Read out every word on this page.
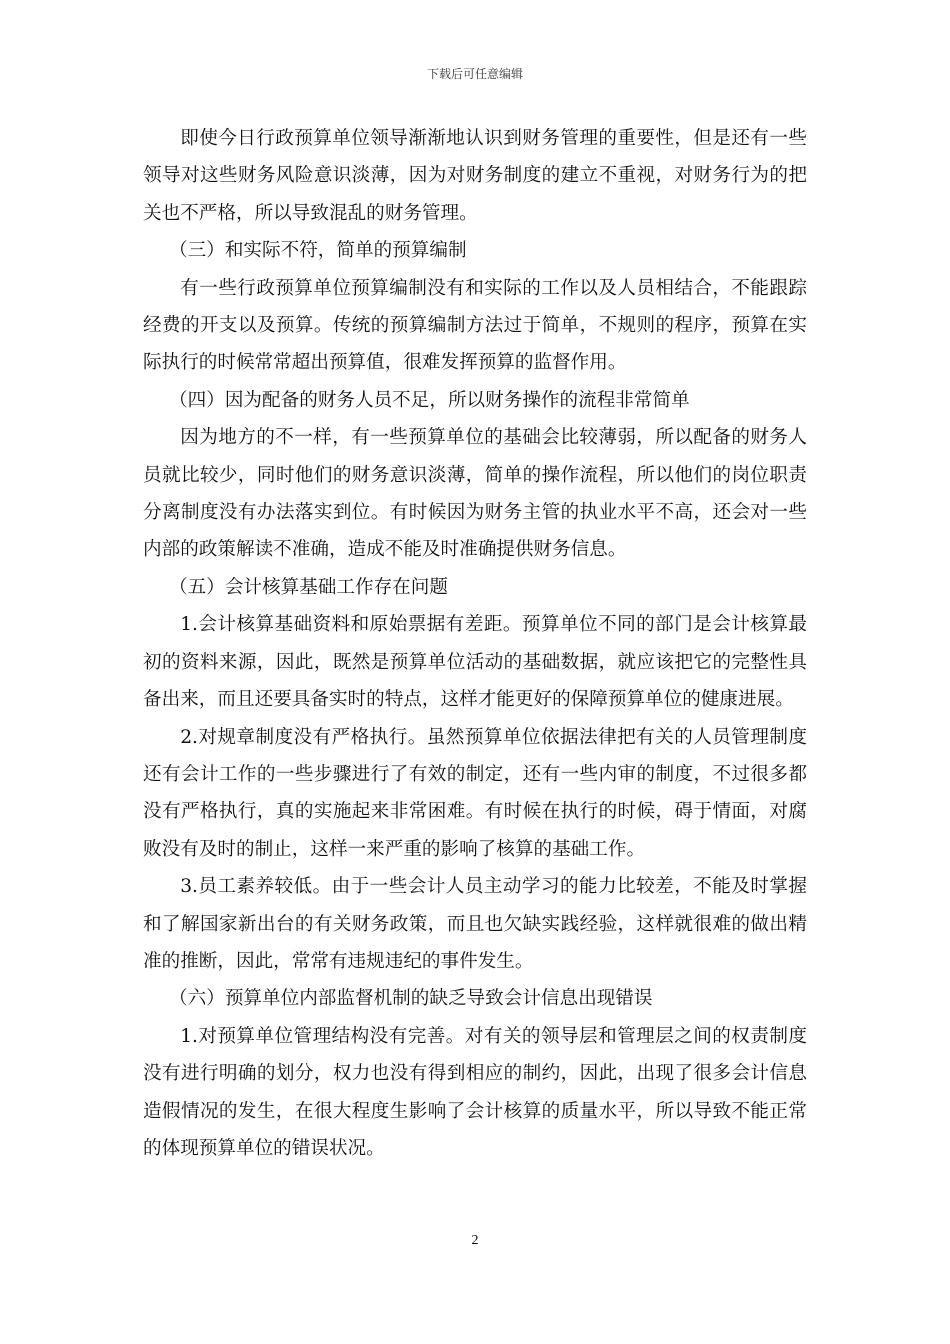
下载后可任意编辑

即使今日行政预算单位领导渐渐地认识到财务管理的重要性，但是还有一些领导对这些财务风险意识淡薄，因为对财务制度的建立不重视，对财务行为的把关也不严格，所以导致混乱的财务管理。

（三）和实际不符，简单的预算编制

有一些行政预算单位预算编制没有和实际的工作以及人员相结合，不能跟踪经费的开支以及预算。传统的预算编制方法过于简单，不规则的程序，预算在实际执行的时候常常超出预算值，很难发挥预算的监督作用。

（四）因为配备的财务人员不足，所以财务操作的流程非常简单

因为地方的不一样，有一些预算单位的基础会比较薄弱，所以配备的财务人员就比较少，同时他们的财务意识淡薄，简单的操作流程，所以他们的岗位职责分离制度没有办法落实到位。有时候因为财务主管的执业水平不高，还会对一些内部的政策解读不准确，造成不能及时准确提供财务信息。

（五）会计核算基础工作存在问题

1.会计核算基础资料和原始票据有差距。预算单位不同的部门是会计核算最初的资料来源，因此，既然是预算单位活动的基础数据，就应该把它的完整性具备出来，而且还要具备实时的特点，这样才能更好的保障预算单位的健康进展。

2.对规章制度没有严格执行。虽然预算单位依据法律把有关的人员管理制度还有会计工作的一些步骤进行了有效的制定，还有一些内审的制度，不过很多都没有严格执行，真的实施起来非常困难。有时候在执行的时候，碍于情面，对腐败没有及时的制止，这样一来严重的影响了核算的基础工作。

3.员工素养较低。由于一些会计人员主动学习的能力比较差，不能及时掌握和了解国家新出台的有关财务政策，而且也欠缺实践经验，这样就很难的做出精准的推断，因此，常常有违规违纪的事件发生。

（六）预算单位内部监督机制的缺乏导致会计信息出现错误

1.对预算单位管理结构没有完善。对有关的领导层和管理层之间的权责制度没有进行明确的划分，权力也没有得到相应的制约，因此，出现了很多会计信息造假情况的发生，在很大程度生影响了会计核算的质量水平，所以导致不能正常的体现预算单位的错误状况。

2
